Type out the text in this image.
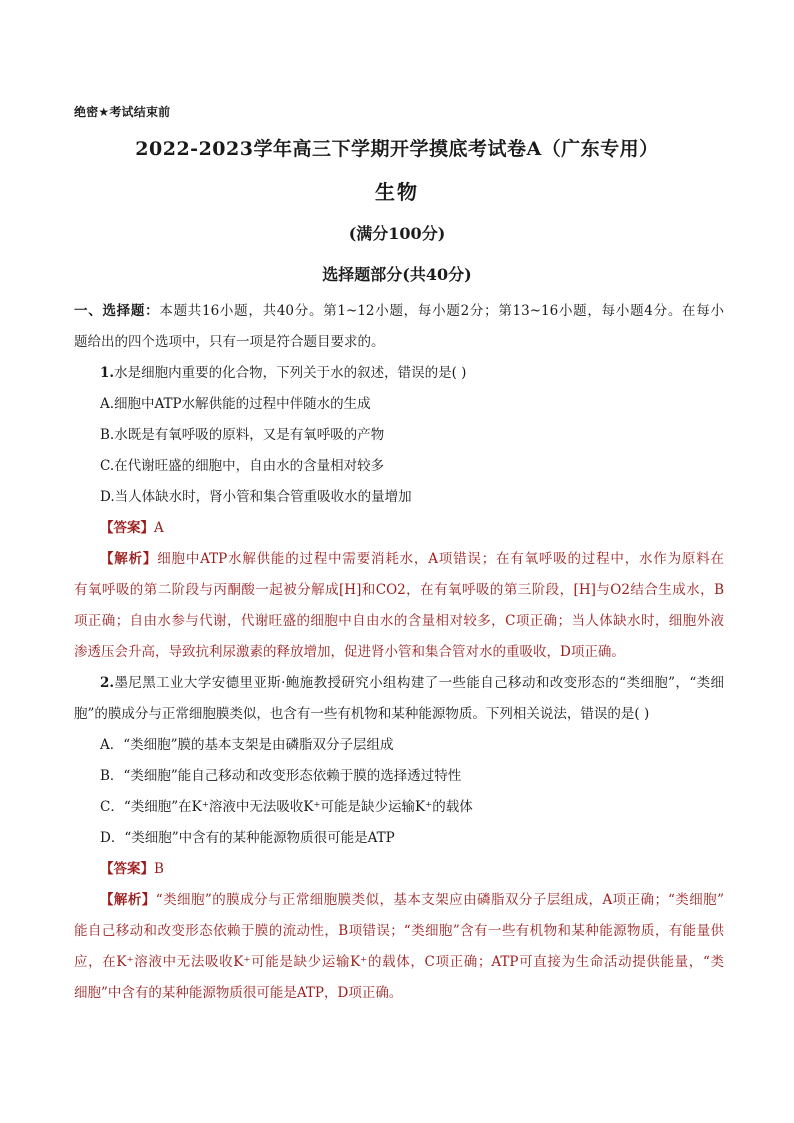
绝密★考试结束前
2022-2023学年高三下学期开学摸底考试卷A（广东专用）
生物
(满分100分)
选择题部分(共40分)
一、选择题：本题共16小题，共40分。第1~12小题，每小题2分；第13~16小题，每小题4分。在每小
题给出的四个选项中，只有一项是符合题目要求的。
1.水是细胞内重要的化合物，下列关于水的叙述，错误的是( )
A.细胞中ATP水解供能的过程中伴随水的生成
B.水既是有氧呼吸的原料，又是有氧呼吸的产物
C.在代谢旺盛的细胞中，自由水的含量相对较多
D.当人体缺水时，肾小管和集合管重吸收水的量增加
【答案】A
【解析】细胞中ATP水解供能的过程中需要消耗水，A项错误；在有氧呼吸的过程中，水作为原料在
有氧呼吸的第二阶段与丙酮酸一起被分解成[H]和CO2，在有氧呼吸的第三阶段，[H]与O2结合生成水，B
项正确；自由水参与代谢，代谢旺盛的细胞中自由水的含量相对较多，C项正确；当人体缺水时，细胞外液
渗透压会升高，导致抗利尿激素的释放增加，促进肾小管和集合管对水的重吸收，D项正确。
2.墨尼黑工业大学安德里亚斯·鲍施教授研究小组构建了一些能自己移动和改变形态的“类细胞”，“类细
胞”的膜成分与正常细胞膜类似，也含有一些有机物和某种能源物质。下列相关说法，错误的是( )
A．“类细胞”膜的基本支架是由磷脂双分子层组成
B．“类细胞”能自己移动和改变形态依赖于膜的选择透过特性
C．“类细胞”在K⁺溶液中无法吸收K⁺可能是缺少运输K⁺的载体
D．“类细胞”中含有的某种能源物质很可能是ATP
【答案】B
【解析】“类细胞”的膜成分与正常细胞膜类似，基本支架应由磷脂双分子层组成，A项正确；“类细胞”
能自己移动和改变形态依赖于膜的流动性，B项错误；“类细胞”含有一些有机物和某种能源物质，有能量供
应，在K⁺溶液中无法吸收K⁺可能是缺少运输K⁺的载体，C项正确；ATP可直接为生命活动提供能量，“类
细胞”中含有的某种能源物质很可能是ATP，D项正确。
